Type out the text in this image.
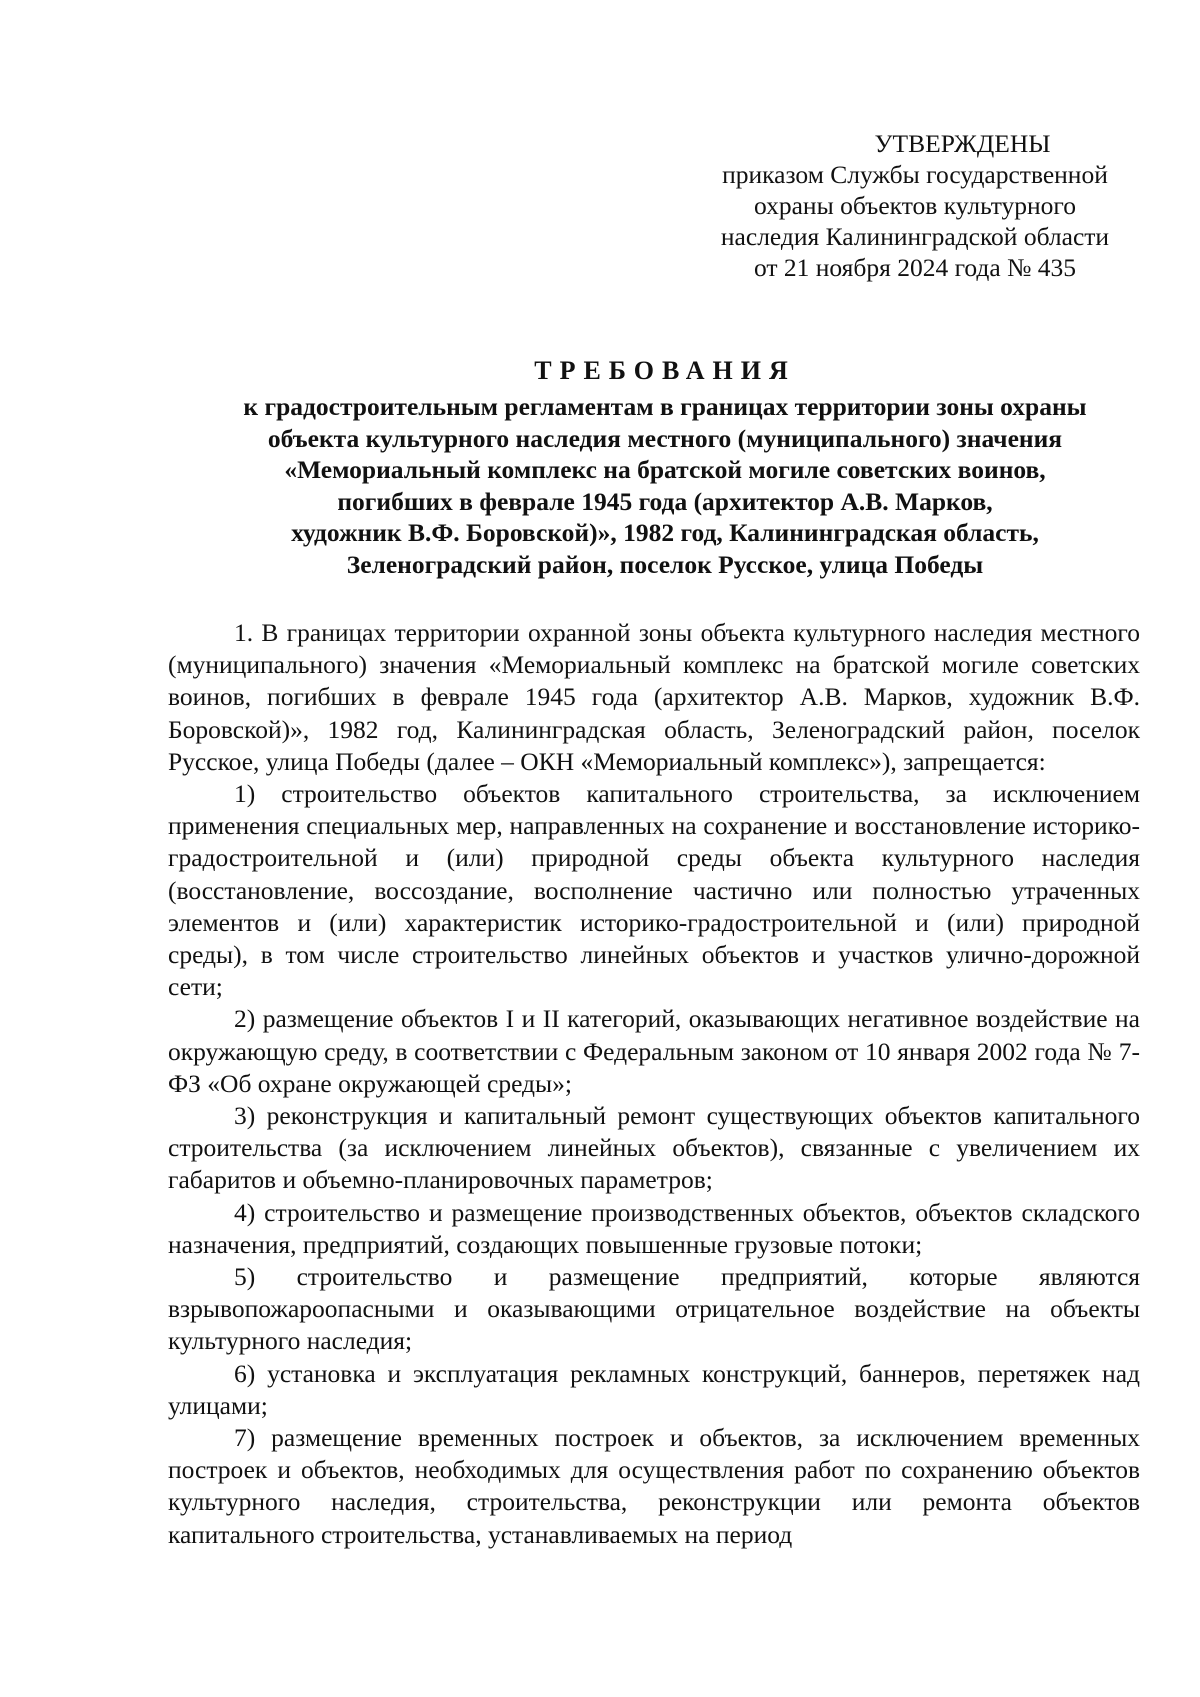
УТВЕРЖДЕНЫ
приказом Службы государственной
охраны объектов культурного
наследия Калининградской области
от 21 ноября 2024 года № 435
ТРЕБОВАНИЯ
к градостроительным регламентам в границах территории зоны охраны
объекта культурного наследия местного (муниципального) значения
«Мемориальный комплекс на братской могиле советских воинов,
погибших в феврале 1945 года (архитектор А.В. Марков,
художник В.Ф. Боровской)», 1982 год, Калининградская область,
Зеленоградский район, поселок Русское, улица Победы

1. В границах территории охранной зоны объекта культурного наследия местного (муниципального) значения «Мемориальный комплекс на братской могиле советских воинов, погибших в феврале 1945 года (архитектор А.В. Марков, художник В.Ф. Боровской)», 1982 год, Калининградская область, Зеленоградский район, поселок Русское, улица Победы (далее – ОКН «Мемориальный комплекс»), запрещается:

1) строительство объектов капитального строительства, за исключением применения специальных мер, направленных на сохранение и восстановление историко-градостроительной и (или) природной среды объекта культурного наследия (восстановление, воссоздание, восполнение частично или полностью утраченных элементов и (или) характеристик историко-градостроительной и (или) природной среды), в том числе строительство линейных объектов и участков улично-дорожной сети;

2) размещение объектов I и II категорий, оказывающих негативное воздействие на окружающую среду, в соответствии с Федеральным законом от 10 января 2002 года № 7-ФЗ «Об охране окружающей среды»;

3) реконструкция и капитальный ремонт существующих объектов капитального строительства (за исключением линейных объектов), связанные с увеличением их габаритов и объемно-планировочных параметров;

4) строительство и размещение производственных объектов, объектов складского назначения, предприятий, создающих повышенные грузовые потоки;

5) строительство и размещение предприятий, которые являются взрывопожароопасными и оказывающими отрицательное воздействие на объекты культурного наследия;

6) установка и эксплуатация рекламных конструкций, баннеров, перетяжек над улицами;

7) размещение временных построек и объектов, за исключением временных построек и объектов, необходимых для осуществления работ по сохранению объектов культурного наследия, строительства, реконструкции или ремонта объектов капитального строительства, устанавливаемых на период
